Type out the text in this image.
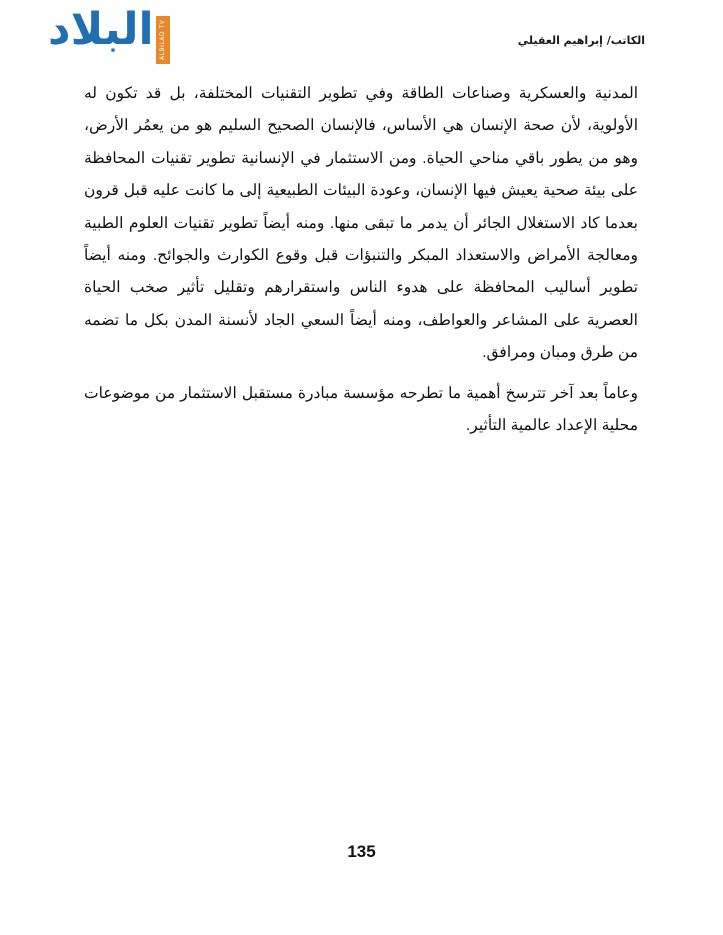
البلاد ALBILAD TV	الكاتب/ إبراهيم العقيلي

المدنية والعسكرية وصناعات الطاقة وفي تطوير التقنيات المختلفة، بل قد تكون له الأولوية، لأن صحة الإنسان هي الأساس، فالإنسان الصحيح السليم هو من يعمُر الأرض، وهو من يطور باقي مناحي الحياة. ومن الاستثمار في الإنسانية تطوير تقنيات المحافظة على بيئة صحية يعيش فيها الإنسان، وعودة البيئات الطبيعية إلى ما كانت عليه قبل قرون بعدما كاد الاستغلال الجائر أن يدمر ما تبقى منها. ومنه أيضاً تطوير تقنيات العلوم الطبية ومعالجة الأمراض والاستعداد المبكر والتنبؤات قبل وقوع الكوارث والجوائح. ومنه أيضاً تطوير أساليب المحافظة على هدوء الناس واستقرارهم وتقليل تأثير صخب الحياة العصرية على المشاعر والعواطف، ومنه أيضاً السعي الجاد لأنسنة المدن بكل ما تضمه من طرق ومبان ومرافق.

وعاماً بعد آخر تترسخ أهمية ما تطرحه مؤسسة مبادرة مستقبل الاستثمار من موضوعات محلية الإعداد عالمية التأثير.

135
